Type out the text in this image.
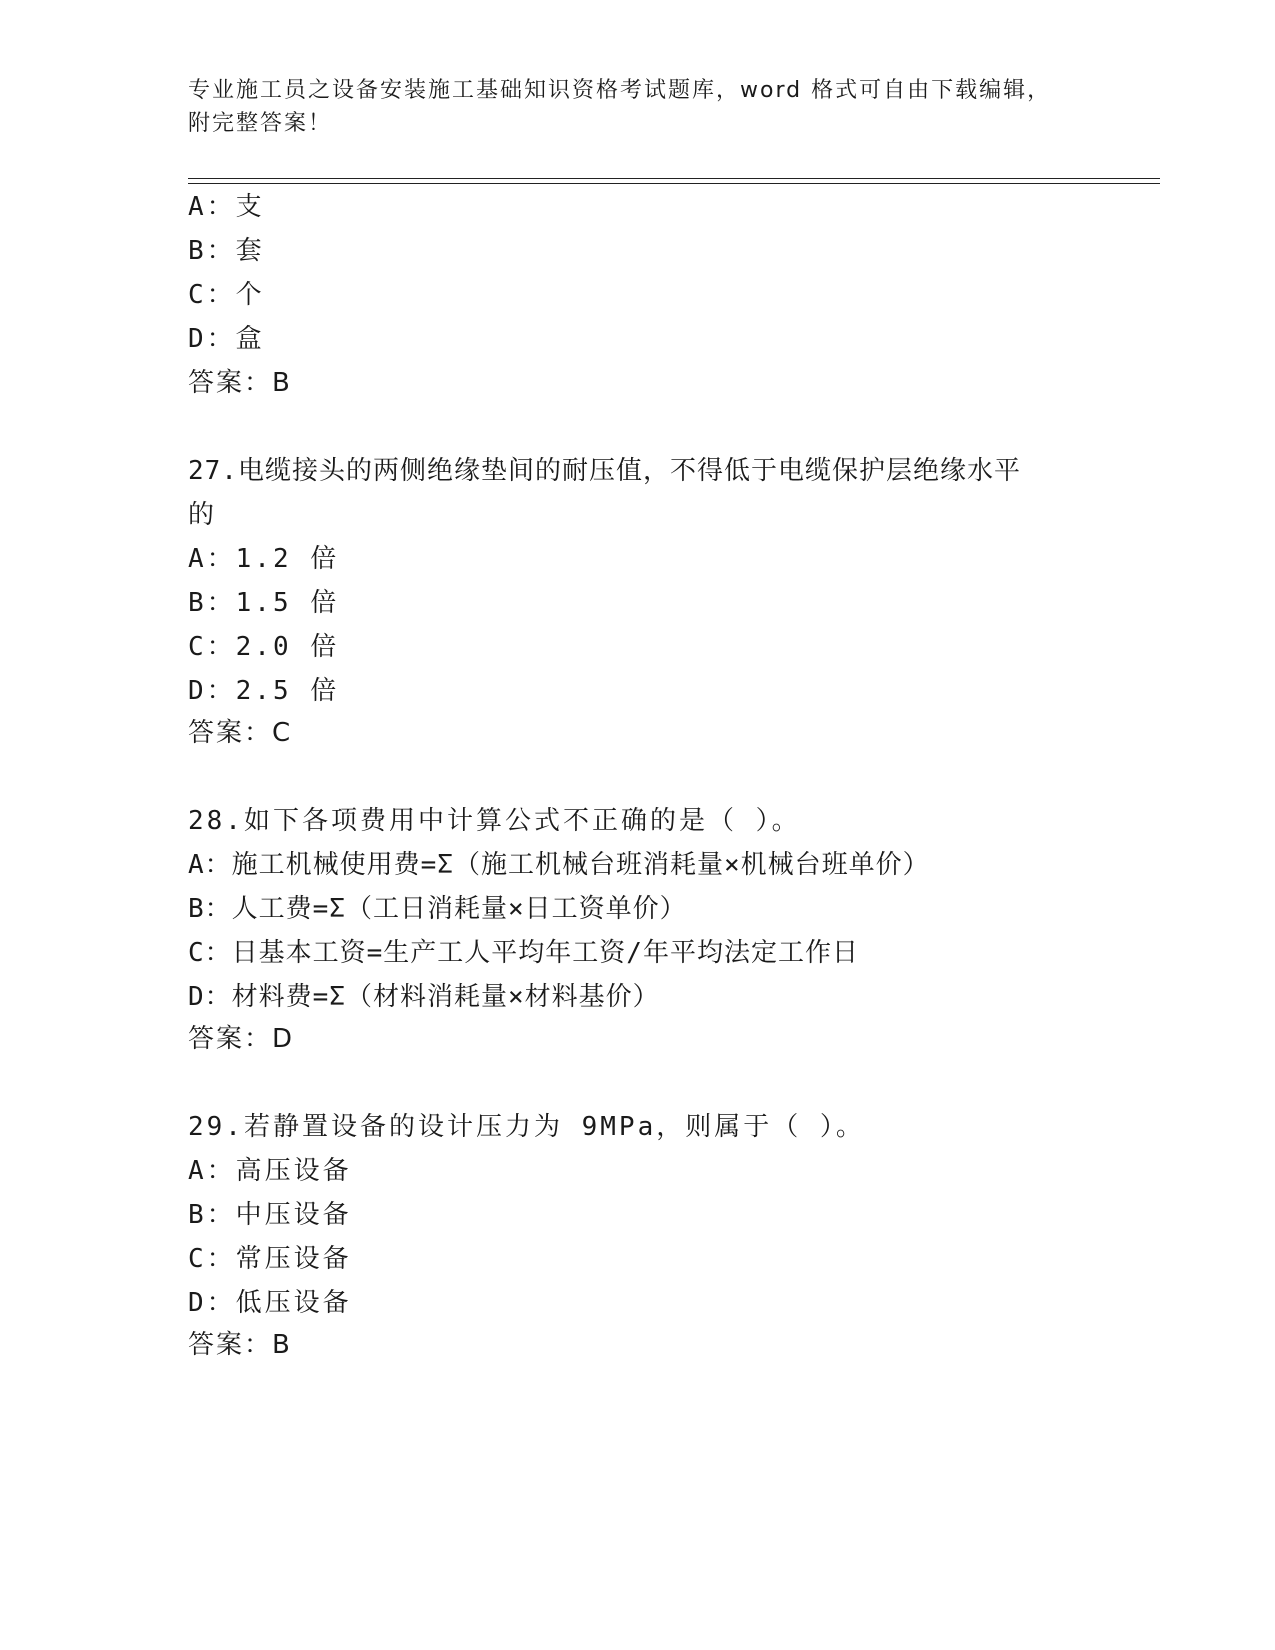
专业施工员之设备安装施工基础知识资格考试题库，word 格式可自由下载编辑，
附完整答案！
A：支
B：套
C：个
D：盒
答案：B
27.电缆接头的两侧绝缘垫间的耐压值，不得低于电缆保护层绝缘水平
的
A：1.2 倍
B：1.5 倍
C：2.0 倍
D：2.5 倍
答案：C
28.如下各项费用中计算公式不正确的是（ ）。
A：施工机械使用费=Σ（施工机械台班消耗量×机械台班单价）
B：人工费=Σ（工日消耗量×日工资单价）
C：日基本工资=生产工人平均年工资/年平均法定工作日
D：材料费=Σ（材料消耗量×材料基价）
答案：D
29.若静置设备的设计压力为 9MPa，则属于（ ）。
A：高压设备
B：中压设备
C：常压设备
D：低压设备
答案：B
